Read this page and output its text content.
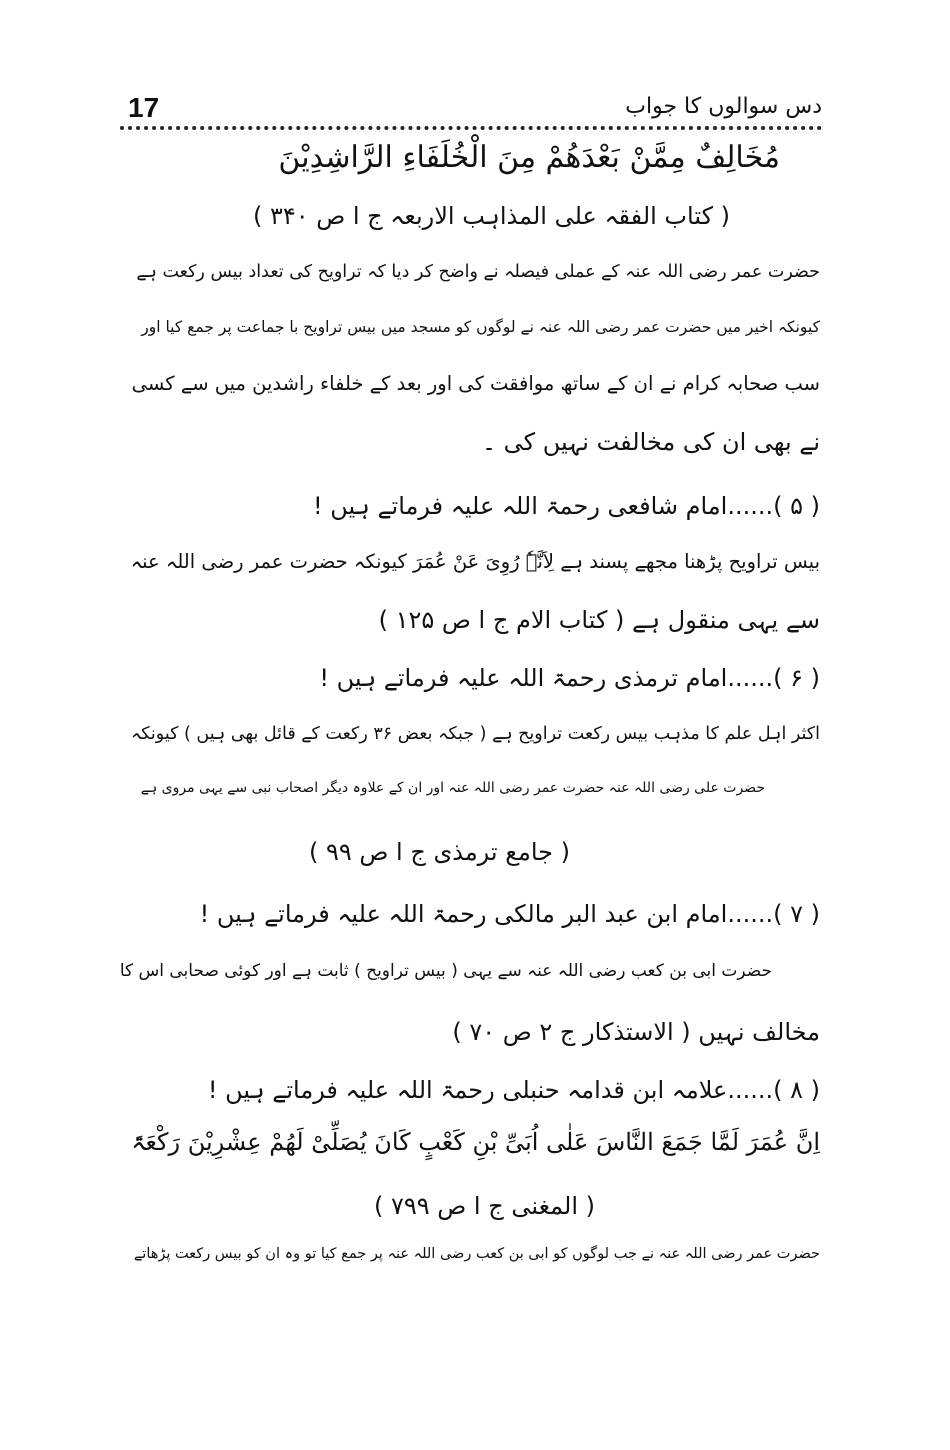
17	دس سوالوں کا جواب
مُخَالِفٌ مِمَّنْ بَعْدَهُمْ مِنَ الْخُلَفَاءِ الرَّاشِدِيْنَ
( کتاب الفقہ علی المذاہب الاربعہ ج ا ص ۳۴۰ )
حضرت عمر رضی اللہ عنہ کے عملی فیصلہ نے واضح کر دیا کہ تراویح کی تعداد بیس رکعت ہے
کیونکہ اخیر میں حضرت عمر رضی اللہ عنہ نے لوگوں کو مسجد میں بیس تراویح با جماعت پر جمع کیا اور
سب صحابہ کرام نے ان کے ساتھ موافقت کی اور بعد کے خلفاء راشدین میں سے کسی
نے بھی ان کی مخالفت نہیں کی ۔
( ۵ )......امام شافعی رحمۃ اللہ علیہ فرماتے ہیں !
بیس تراویح پڑھنا مجھے پسند ہے لِاَنَّہٗ رُوِیَ عَنْ عُمَرَ کیونکہ حضرت عمر رضی اللہ عنہ
سے یہی منقول ہے ( کتاب الام ج ا ص ۱۲۵ )
( ۶ )......امام ترمذی رحمۃ اللہ علیہ فرماتے ہیں !
اکثر اہل علم کا مذہب بیس رکعت تراویح ہے ( جبکہ بعض ۳۶ رکعت کے قائل بھی ہیں ) کیونکہ
حضرت علی رضی اللہ عنہ حضرت عمر رضی اللہ عنہ اور ان کے علاوہ دیگر اصحاب نبی سے یہی مروی ہے
( جامع ترمذی ج ا ص ۹۹ )
( ۷ )......امام ابن عبد البر مالکی رحمۃ اللہ علیہ فرماتے ہیں !
حضرت ابی بن کعب رضی اللہ عنہ سے یہی ( بیس تراویح ) ثابت ہے اور کوئی صحابی اس کا
مخالف نہیں ( الاستذکار ج ۲ ص ۷۰ )
( ۸ )......علامہ ابن قدامہ حنبلی رحمۃ اللہ علیہ فرماتے ہیں !
اِنَّ عُمَرَ لَمَّا جَمَعَ النَّاسَ عَلٰی اُبَیِّ بْنِ کَعْبٍ کَانَ یُصَلِّیْ لَھُمْ عِشْرِیْنَ رَکْعَۃً
( المغنی ج ا ص ۷۹۹ )
حضرت عمر رضی اللہ عنہ نے جب لوگوں کو ابی بن کعب رضی اللہ عنہ پر جمع کیا تو وہ ان کو بیس رکعت پڑھاتے
